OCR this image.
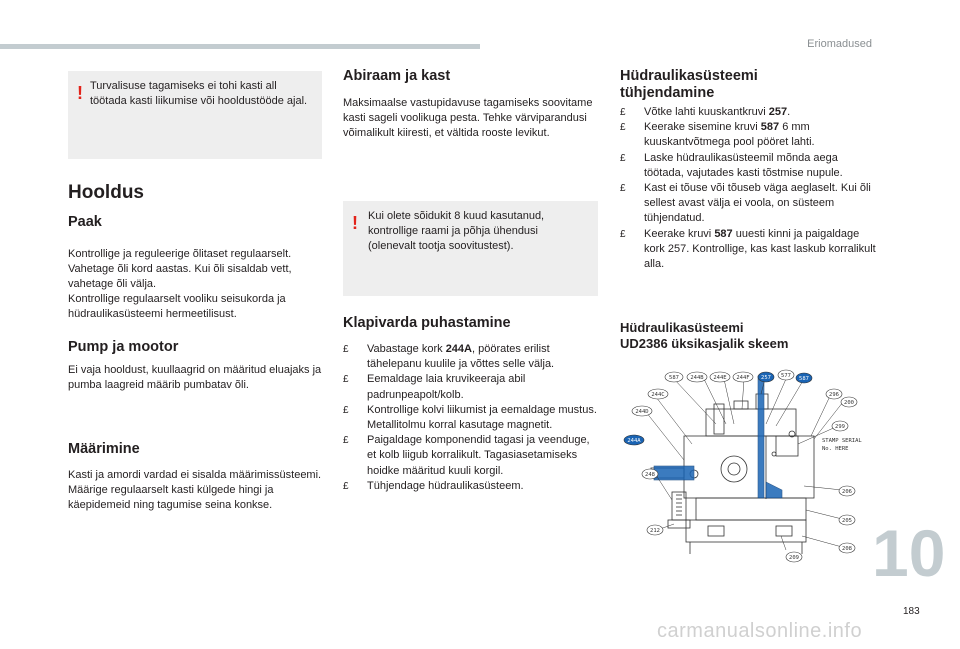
Eriomadused
! Turvalisuse tagamiseks ei tohi kasti all töötada kasti liikumise või hooldustööde ajal.
Hooldus
Paak

Kontrollige ja reguleerige õlitaset regulaarselt. Vahetage õli kord aastas. Kui õli sisaldab vett, vahetage õli välja.

Kontrollige regulaarselt vooliku seisukorda ja hüdraulikasüsteemi hermeetilisust.

Pump ja mootor

Ei vaja hooldust, kuullaagrid on määritud eluajaks ja pumba laagreid määrib pumbatav õli.

Määrimine

Kasti ja amordi vardad ei sisalda määrimissüsteemi. Määrige regulaarselt kasti külgede hingi ja käepidemeid ning tagumise seina konkse.

Abiraam ja kast

Maksimaalse vastupidavuse tagamiseks soovitame kasti sageli voolikuga pesta. Tehke värviparandusi võimalikult kiiresti, et vältida rooste levikut.

! Kui olete sõidukit 8 kuud kasutanud, kontrollige raami ja põhja ühendusi (olenevalt tootja soovitustest).
Klapivarda puhastamine
£ Vabastage kork 244A, pöörates erilist tähelepanu kuulile ja võttes selle välja.
£ Eemaldage laia kruvikeeraja abil padrunpeapolt/kolb.
£ Kontrollige kolvi liikumist ja eemaldage mustus. Metallitolmu korral kasutage magnetit.
£ Paigaldage komponendid tagasi ja veenduge, et kolb liigub korralikult. Tagasiasetamiseks hoidke määritud kuuli korgil.
£ Tühjendage hüdraulikasüsteem.
Hüdraulikasüsteemi
tühjendamine
£ Võtke lahti kuuskantkruvi 257.
£ Keerake sisemine kruvi 587 6 mm kuuskantvõtmega pool pööret lahti.
£ Laske hüdraulikasüsteemil mõnda aega töötada, vajutades kasti tõstmise nupule.
£ Kast ei tõuse või tõuseb väga aeglaselt. Kui õli sellest avast välja ei voola, on süsteem tühjendatud.
£ Keerake kruvi 587 uuesti kinni ja paigaldage kork 257. Kontrollige, kas kast laskub korralikult alla.
Hüdraulikasüsteemi
UD2386 üksikasjalik skeem
587 244B 244E 244F 257 577 587
244C
244D
244A
248
212
209
208
205
206
299
296
200
STAMP SERIAL
No. HERE
10
183
carmanualsonline.info
